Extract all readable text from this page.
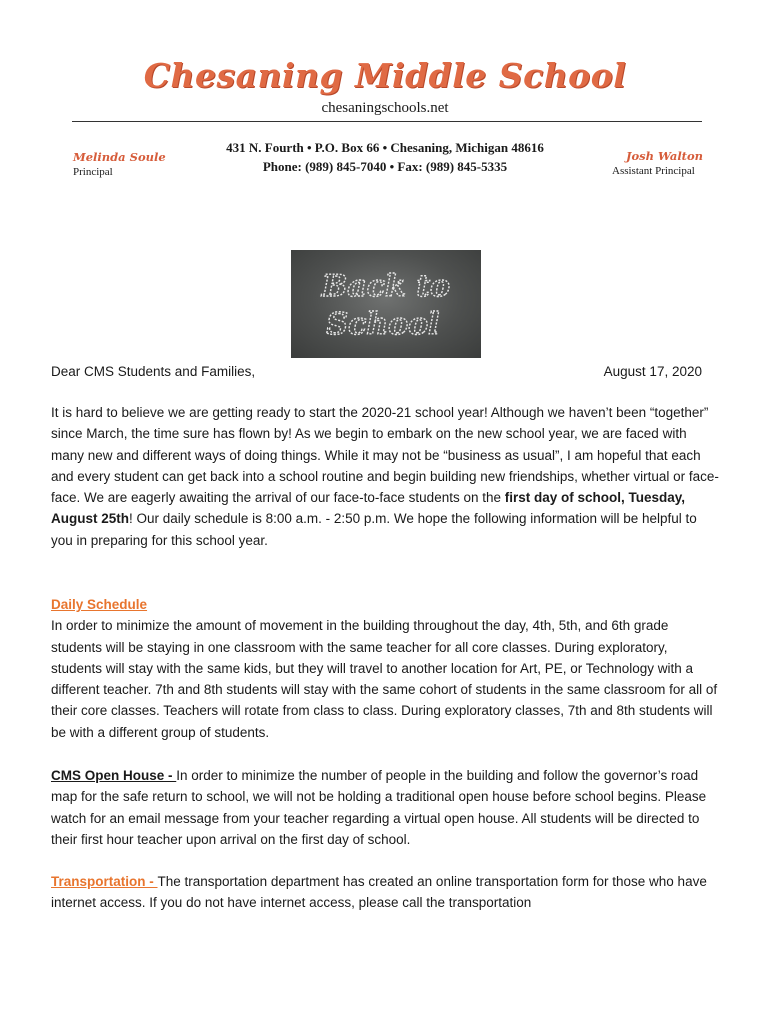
Chesaning Middle School
chesaningschools.net
Melinda Soule
Principal
431 N. Fourth • P.O. Box 66 • Chesaning, Michigan 48616
Phone: (989) 845-7040 • Fax: (989) 845-5335
Josh Walton
Assistant Principal
Back to
School
Dear CMS Students and Families,	August 17, 2020

It is hard to believe we are getting ready to start the 2020-21 school year! Although we haven’t been “together” since March, the time sure has flown by! As we begin to embark on the new school year, we are faced with many new and different ways of doing things. While it may not be “business as usual”, I am hopeful that each and every student can get back into a school routine and begin building new friendships, whether virtual or face-face. We are eagerly awaiting the arrival of our face-to-face students on the first day of school, Tuesday, August 25th! Our daily schedule is 8:00 a.m. - 2:50 p.m. We hope the following information will be helpful to you in preparing for this school year.

Daily Schedule
In order to minimize the amount of movement in the building throughout the day, 4th, 5th, and 6th grade students will be staying in one classroom with the same teacher for all core classes. During exploratory, students will stay with the same kids, but they will travel to another location for Art, PE, or Technology with a different teacher. 7th and 8th students will stay with the same cohort of students in the same classroom for all of their core classes. Teachers will rotate from class to class. During exploratory classes, 7th and 8th students will be with a different group of students.

CMS Open House - In order to minimize the number of people in the building and follow the governor’s road map for the safe return to school, we will not be holding a traditional open house before school begins. Please watch for an email message from your teacher regarding a virtual open house. All students will be directed to their first hour teacher upon arrival on the first day of school.

Transportation - The transportation department has created an online transportation form for those who have internet access. If you do not have internet access, please call the transportation
